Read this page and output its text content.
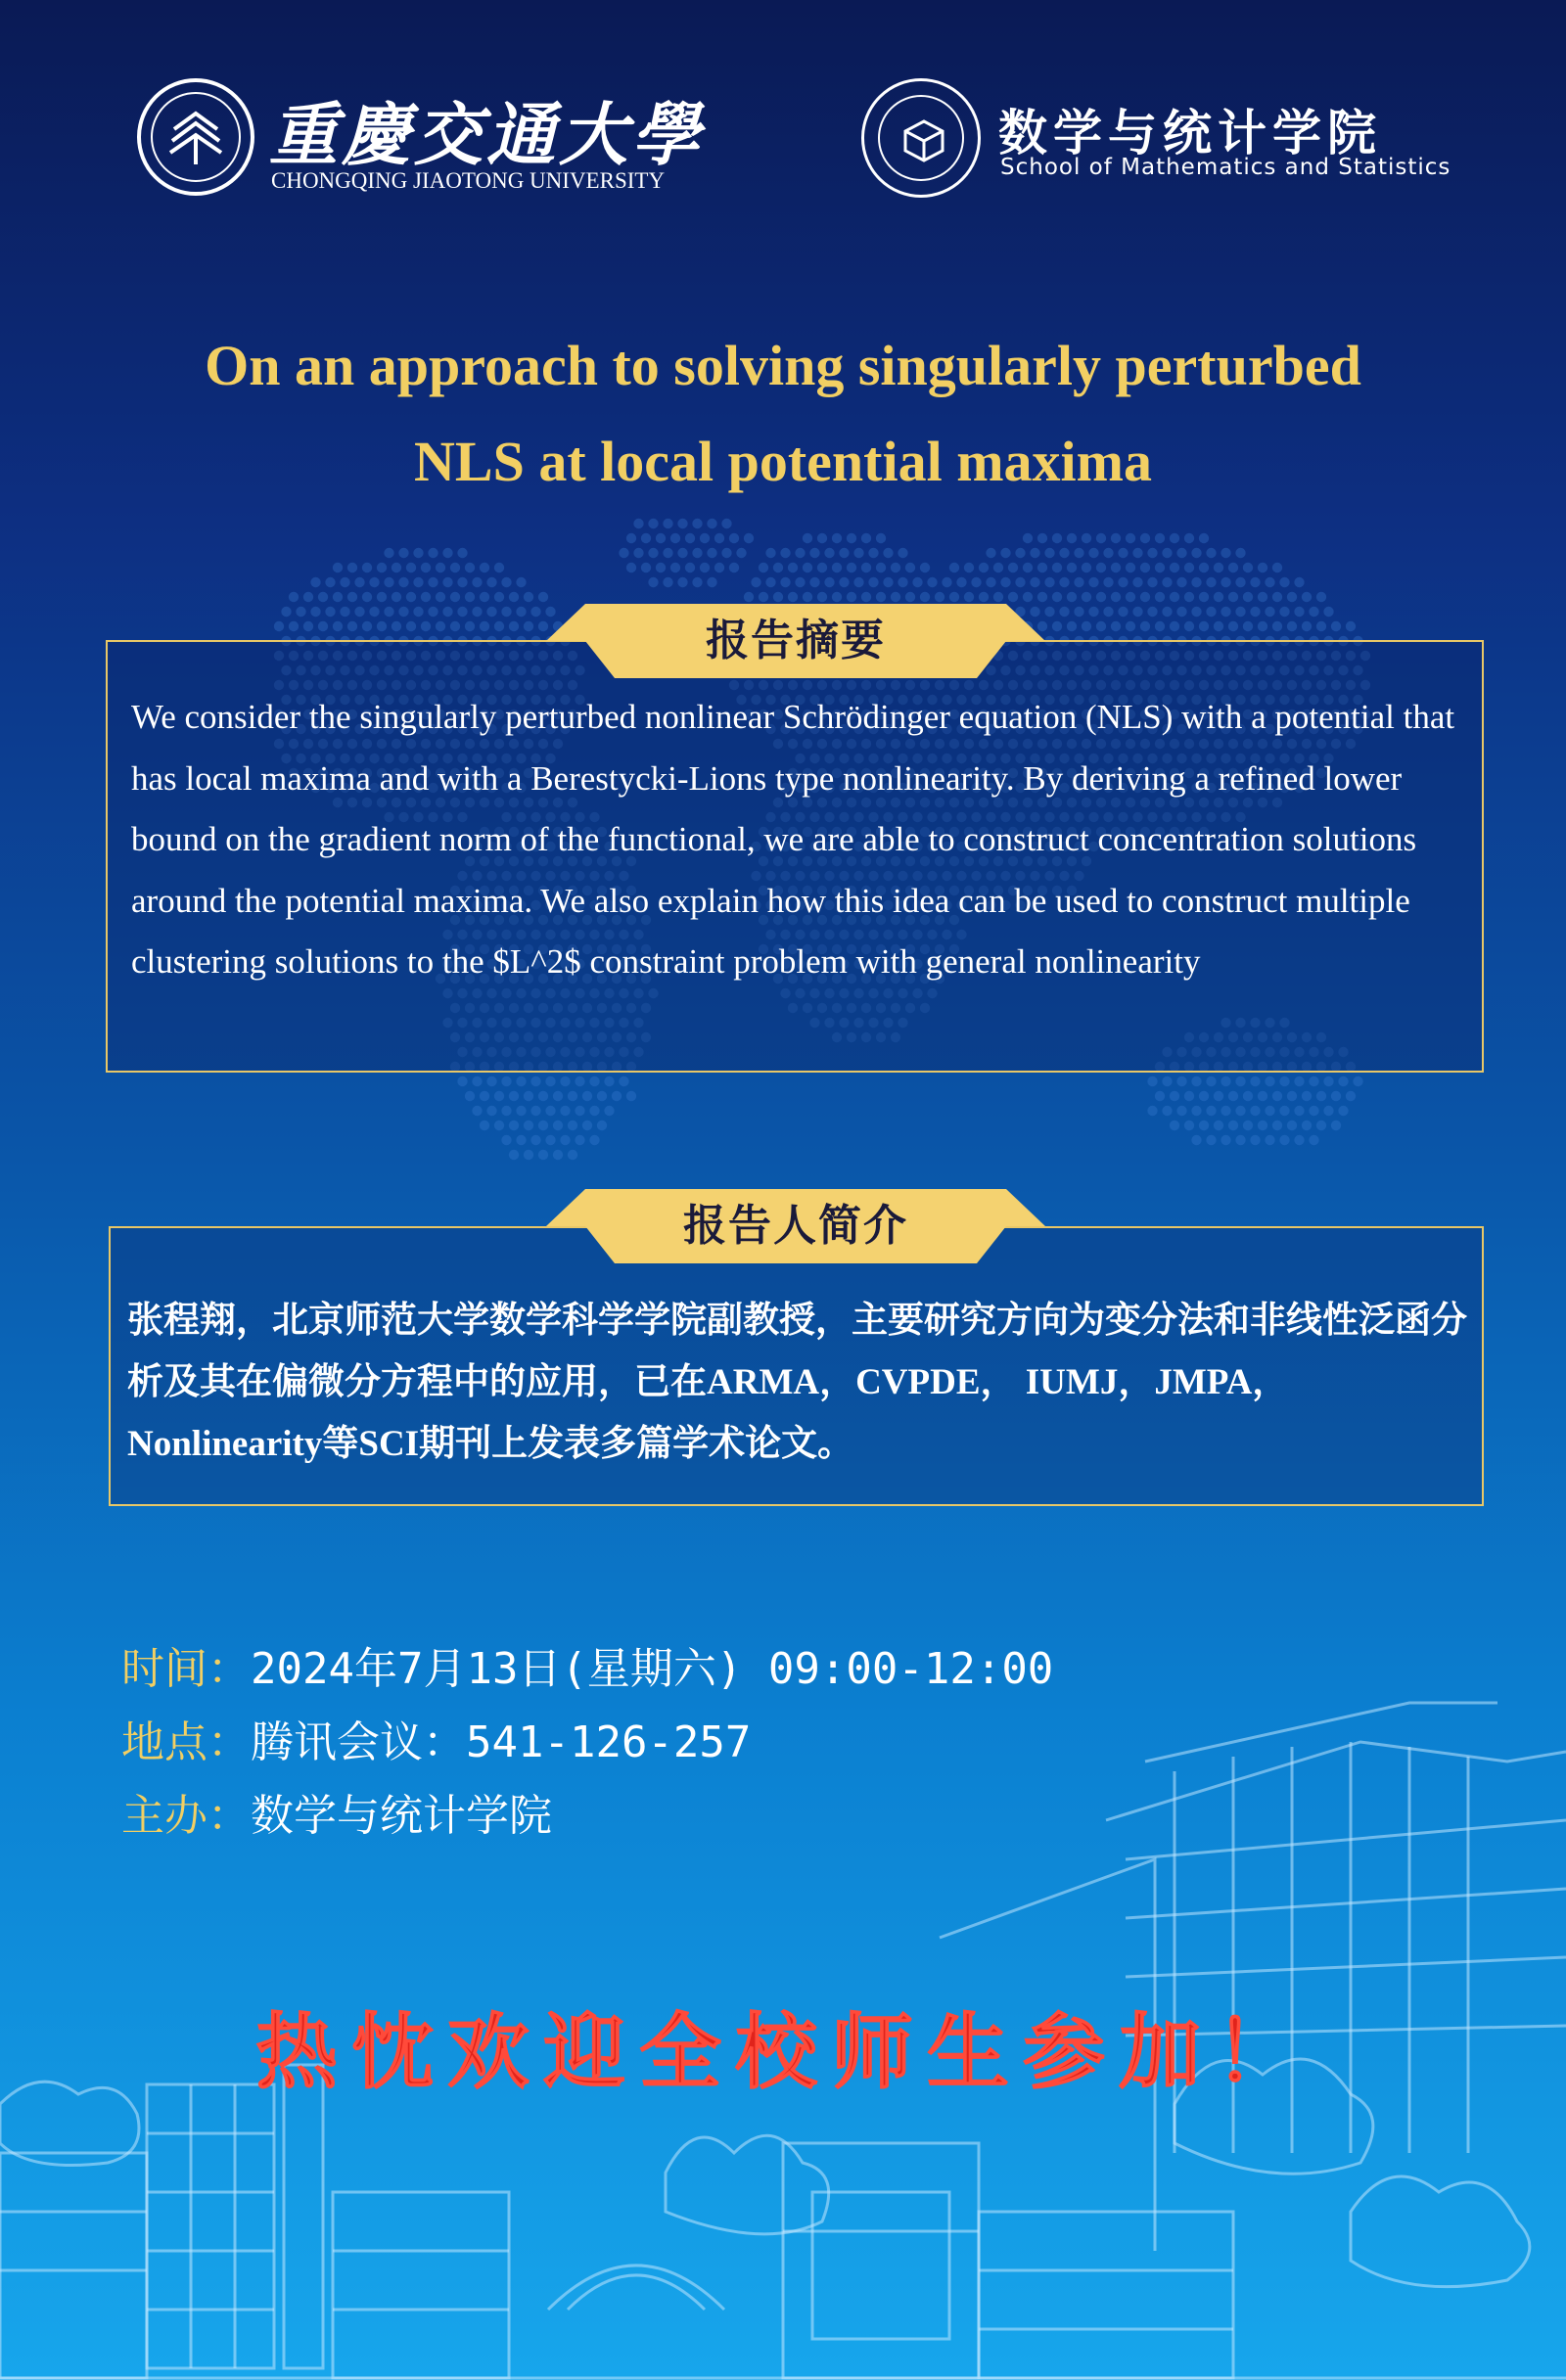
重慶交通大學
CHONGQING JIAOTONG UNIVERSITY
数学与统计学院
School of Mathematics and Statistics
On an approach to solving singularly perturbed
NLS at local potential maxima
报告摘要
We consider the singularly perturbed nonlinear Schrödinger equation (NLS) with a potential that has local maxima and with a Berestycki-Lions type nonlinearity. By deriving a refined lower bound on the gradient norm of the functional, we are able to construct concentration solutions around the potential maxima. We also explain how this idea can be used to construct multiple clustering solutions to the $L^2$ constraint problem with general nonlinearity
报告人简介
张程翔，北京师范大学数学科学学院副教授，主要研究方向为变分法和非线性泛函分析及其在偏微分方程中的应用，已在ARMA，CVPDE， IUMJ，JMPA，Nonlinearity等SCI期刊上发表多篇学术论文。
时间：2024年7月13日(星期六) 09:00-12:00
地点：腾讯会议：541-126-257
主办：数学与统计学院
热忱欢迎全校师生参加！
